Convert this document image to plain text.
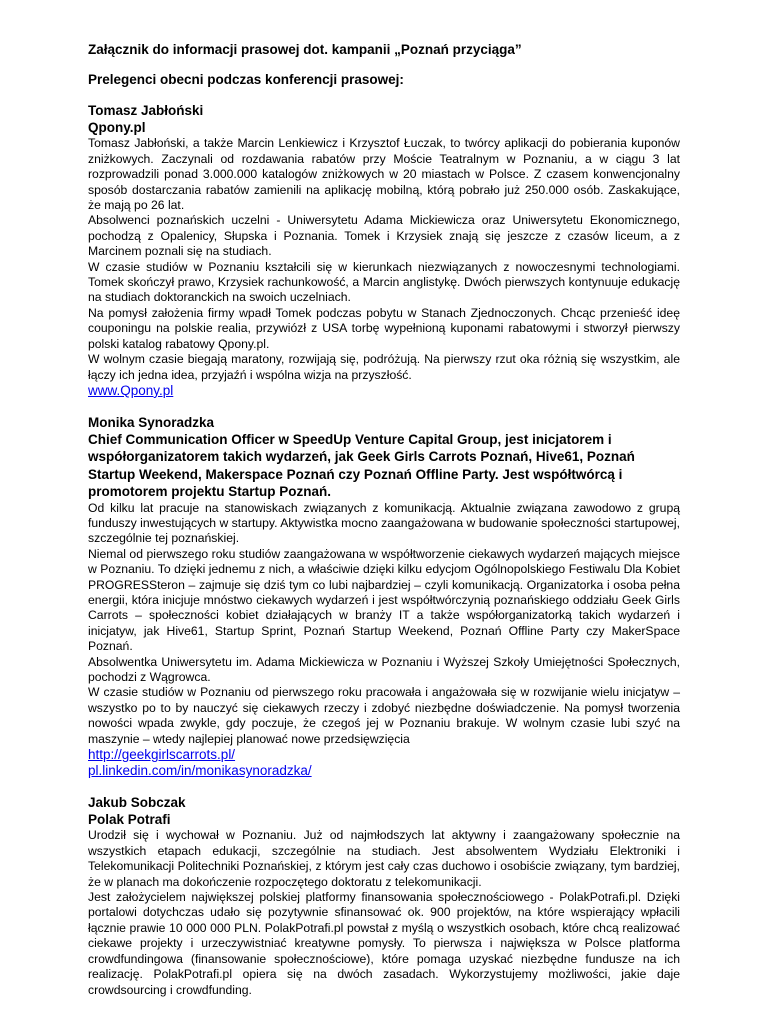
Załącznik do informacji prasowej dot. kampanii „Poznań przyciąga”

Prelegenci obecni podczas konferencji prasowej:

Tomasz Jabłoński

Qpony.pl

Tomasz Jabłoński, a także Marcin Lenkiewicz i Krzysztof Łuczak, to twórcy aplikacji do pobierania kuponów zniżkowych. Zaczynali od rozdawania rabatów przy Moście Teatralnym w Poznaniu, a w ciągu 3 lat rozprowadzili ponad 3.000.000 katalogów zniżkowych w 20 miastach w Polsce. Z czasem konwencjonalny sposób dostarczania rabatów zamienili na aplikację mobilną, którą pobrało już 250.000 osób. Zaskakujące, że mają po 26 lat.

Absolwenci poznańskich uczelni - Uniwersytetu Adama Mickiewicza oraz Uniwersytetu Ekonomicznego, pochodzą z Opalenicy, Słupska i Poznania. Tomek i Krzysiek znają się jeszcze z czasów liceum, a z Marcinem poznali się na studiach.

W czasie studiów w Poznaniu kształcili się w kierunkach niezwiązanych z nowoczesnymi technologiami. Tomek skończył prawo, Krzysiek rachunkowość, a Marcin anglistykę. Dwóch pierwszych kontynuuje edukację na studiach doktoranckich na swoich uczelniach.

Na pomysł założenia firmy wpadł Tomek podczas pobytu w Stanach Zjednoczonych. Chcąc przenieść ideę couponingu na polskie realia, przywiózł z USA torbę wypełnioną kuponami rabatowymi i stworzył pierwszy polski katalog rabatowy Qpony.pl.

W wolnym czasie biegają maratony, rozwijają się, podróżują. Na pierwszy rzut oka różnią się wszystkim, ale łączy ich jedna idea, przyjaźń i wspólna wizja na przyszłość.

www.Qpony.pl

Monika Synoradzka

Chief Communication Officer w SpeedUp Venture Capital Group, jest inicjatorem i współorganizatorem takich wydarzeń, jak Geek Girls Carrots Poznań, Hive61, Poznań Startup Weekend, Makerspace Poznań czy Poznań Offline Party. Jest współtwórcą i promotorem projektu Startup Poznań.

Od kilku lat pracuje na stanowiskach związanych z komunikacją. Aktualnie związana zawodowo z grupą funduszy inwestujących w startupy. Aktywistka mocno zaangażowana w budowanie społeczności startupowej, szczególnie tej poznańskiej.

Niemal od pierwszego roku studiów zaangażowana w współtworzenie ciekawych wydarzeń mających miejsce w Poznaniu. To dzięki jednemu z nich, a właściwie dzięki kilku edycjom Ogólnopolskiego Festiwalu Dla Kobiet PROGRESSteron – zajmuje się dziś tym co lubi najbardziej – czyli komunikacją. Organizatorka i osoba pełna energii, która inicjuje mnóstwo ciekawych wydarzeń i jest współtwórczynią poznańskiego oddziału Geek Girls Carrots – społeczności kobiet działających w branży IT a także współorganizatorką takich wydarzeń i inicjatyw, jak Hive61, Startup Sprint, Poznań Startup Weekend, Poznań Offline Party czy MakerSpace Poznań.

Absolwentka Uniwersytetu im. Adama Mickiewicza w Poznaniu i Wyższej Szkoły Umiejętności Społecznych, pochodzi z Wągrowca.

W czasie studiów w Poznaniu od pierwszego roku pracowała i angażowała się w rozwijanie wielu inicjatyw – wszystko po to by nauczyć się ciekawych rzeczy i zdobyć niezbędne doświadczenie. Na pomysł tworzenia nowości wpada zwykle, gdy poczuje, że czegoś jej w Poznaniu brakuje. W wolnym czasie lubi szyć na maszynie – wtedy najlepiej planować nowe przedsięwzięcia

http://geekgirlscarrots.pl/
pl.linkedin.com/in/monikasynoradzka/

Jakub Sobczak

Polak Potrafi

Urodził się i wychował w Poznaniu. Już od najmłodszych lat aktywny i zaangażowany społecznie na wszystkich etapach edukacji, szczególnie na studiach. Jest absolwentem Wydziału Elektroniki i Telekomunikacji Politechniki Poznańskiej, z którym jest cały czas duchowo i osobiście związany, tym bardziej, że w planach ma dokończenie rozpoczętego doktoratu z telekomunikacji.

Jest założycielem największej polskiej platformy finansowania społecznościowego - PolakPotrafi.pl. Dzięki portalowi dotychczas udało się pozytywnie sfinansować ok. 900 projektów, na które wspierający wpłacili łącznie prawie 10 000 000 PLN. PolakPotrafi.pl powstał z myślą o wszystkich osobach, które chcą realizować ciekawe projekty i urzeczywistniać kreatywne pomysły. To pierwsza i największa w Polsce platforma crowdfundingowa (finansowanie społecznościowe), które pomaga uzyskać niezbędne fundusze na ich realizację. PolakPotrafi.pl opiera się na dwóch zasadach. Wykorzystujemy możliwości, jakie daje crowdsourcing i crowdfunding.
